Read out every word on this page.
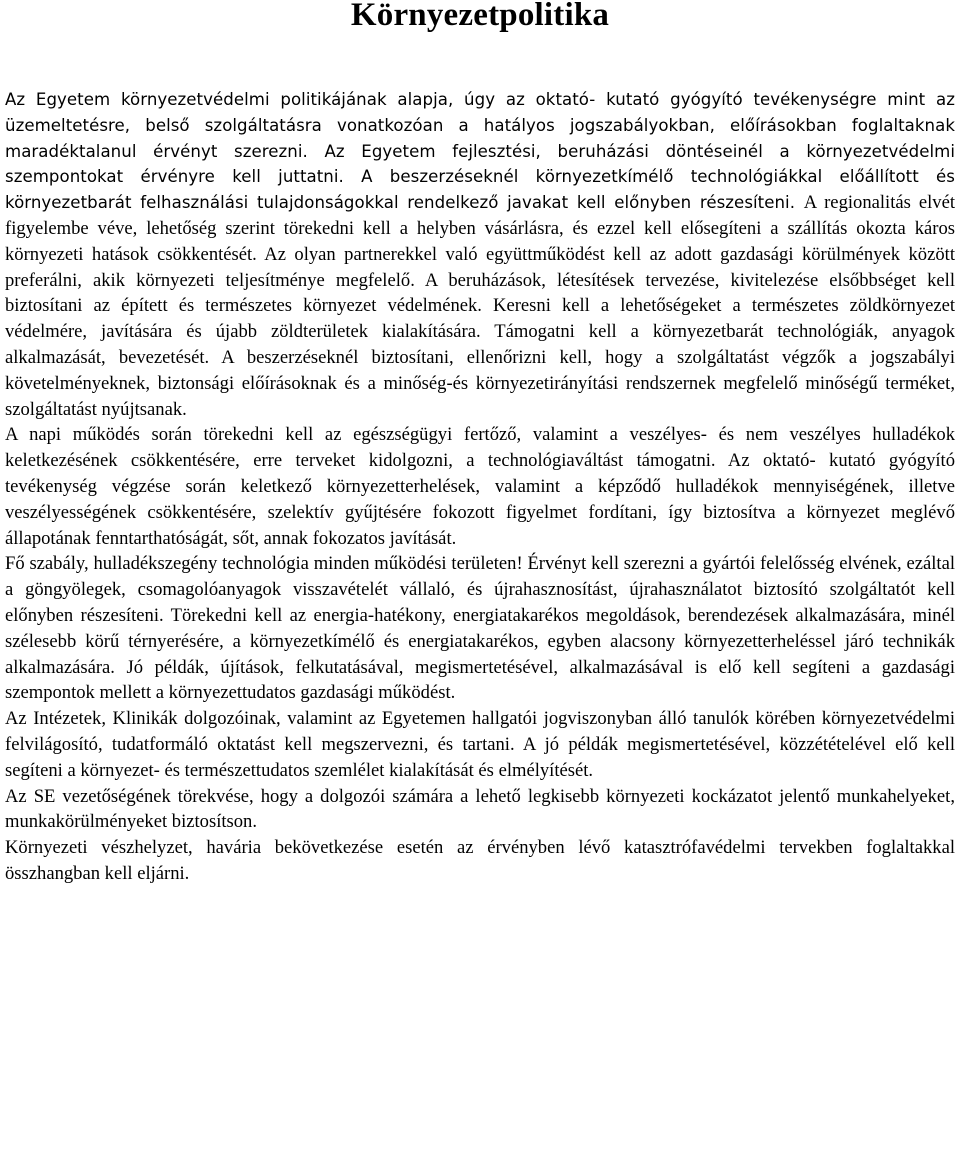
Környezetpolitika

Az Egyetem környezetvédelmi politikájának alapja, úgy az oktató- kutató gyógyító tevékenységre mint az üzemeltetésre, belső szolgáltatásra vonatkozóan a hatályos jogszabályokban, előírásokban foglaltaknak maradéktalanul érvényt szerezni. Az Egyetem fejlesztési, beruházási döntéseinél a környezetvédelmi szempontokat érvényre kell juttatni. A beszerzéseknél környezetkímélő technológiákkal előállított és környezetbarát felhasználási tulajdonságokkal rendelkező javakat kell előnyben részesíteni. A regionalitás elvét figyelembe véve, lehetőség szerint törekedni kell a helyben vásárlásra, és ezzel kell elősegíteni a szállítás okozta káros környezeti hatások csökkentését. Az olyan partnerekkel való együttműködést kell az adott gazdasági körülmények között preferálni, akik környezeti teljesítménye megfelelő. A beruházások, létesítések tervezése, kivitelezése elsőbbséget kell biztosítani az épített és természetes környezet védelmének. Keresni kell a lehetőségeket a természetes zöldkörnyezet védelmére, javítására és újabb zöldterületek kialakítására. Támogatni kell a környezetbarát technológiák, anyagok alkalmazását, bevezetését. A beszerzéseknél biztosítani, ellenőrizni kell, hogy a szolgáltatást végzők a jogszabályi követelményeknek, biztonsági előírásoknak és a minőség-és környezetirányítási rendszernek megfelelő minőségű terméket, szolgáltatást nyújtsanak.

A napi működés során törekedni kell az egészségügyi fertőző, valamint a veszélyes- és nem veszélyes hulladékok keletkezésének csökkentésére, erre terveket kidolgozni, a technológiaváltást támogatni. Az oktató- kutató gyógyító tevékenység végzése során keletkező környezetterhelések, valamint a képződő hulladékok mennyiségének, illetve veszélyességének csökkentésére, szelektív gyűjtésére fokozott figyelmet fordítani, így biztosítva a környezet meglévő állapotának fenntarthatóságát, sőt, annak fokozatos javítását.

Fő szabály, hulladékszegény technológia minden működési területen! Érvényt kell szerezni a gyártói felelősség elvének, ezáltal a göngyölegek, csomagolóanyagok visszavételét vállaló, és újrahasznosítást, újrahasználatot biztosító szolgáltatót kell előnyben részesíteni. Törekedni kell az energia-hatékony, energiatakarékos megoldások, berendezések alkalmazására, minél szélesebb körű térnyerésére, a környezetkímélő és energiatakarékos, egyben alacsony környezetterheléssel járó technikák alkalmazására. Jó példák, újítások, felkutatásával, megismertetésével, alkalmazásával is elő kell segíteni a gazdasági szempontok mellett a környezettudatos gazdasági működést.

Az Intézetek, Klinikák dolgozóinak, valamint az Egyetemen hallgatói jogviszonyban álló tanulók körében környezetvédelmi felvilágosító, tudatformáló oktatást kell megszervezni, és tartani. A jó példák megismertetésével, közzétételével elő kell segíteni a környezet- és természettudatos szemlélet kialakítását és elmélyítését.

Az SE vezetőségének törekvése, hogy a dolgozói számára a lehető legkisebb környezeti kockázatot jelentő munkahelyeket, munkakörülményeket biztosítson.

Környezeti vészhelyzet, havária bekövetkezése esetén az érvényben lévő katasztrófavédelmi tervekben foglaltakkal összhangban kell eljárni.
